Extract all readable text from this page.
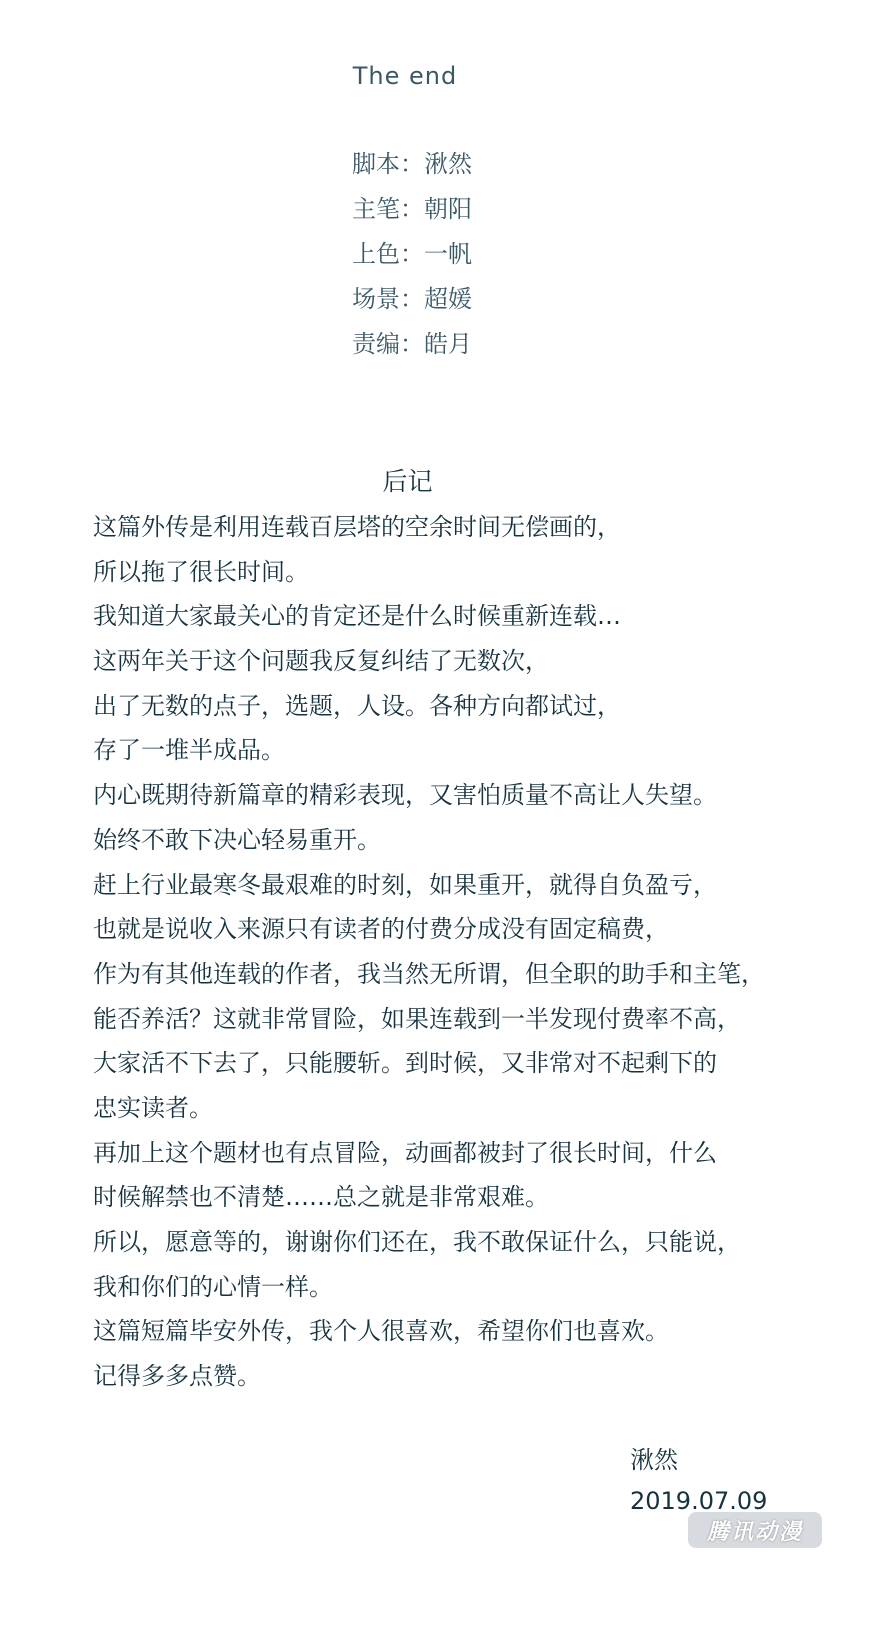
The end
脚本：湫然
主笔：朝阳
上色：一帆
场景：超媛
责编：皓月
后记
这篇外传是利用连载百层塔的空余时间无偿画的，
所以拖了很长时间。
我知道大家最关心的肯定还是什么时候重新连载…
这两年关于这个问题我反复纠结了无数次，
出了无数的点子，选题，人设。各种方向都试过，
存了一堆半成品。
内心既期待新篇章的精彩表现，又害怕质量不高让人失望。
始终不敢下决心轻易重开。
赶上行业最寒冬最艰难的时刻，如果重开，就得自负盈亏，
也就是说收入来源只有读者的付费分成没有固定稿费，
作为有其他连载的作者，我当然无所谓，但全职的助手和主笔，
能否养活？这就非常冒险，如果连载到一半发现付费率不高，
大家活不下去了，只能腰斩。到时候，又非常对不起剩下的
忠实读者。
再加上这个题材也有点冒险，动画都被封了很长时间，什么
时候解禁也不清楚……总之就是非常艰难。
所以，愿意等的，谢谢你们还在，我不敢保证什么，只能说，
我和你们的心情一样。
这篇短篇毕安外传，我个人很喜欢，希望你们也喜欢。
记得多多点赞。
湫然
2019.07.09
腾讯动漫
